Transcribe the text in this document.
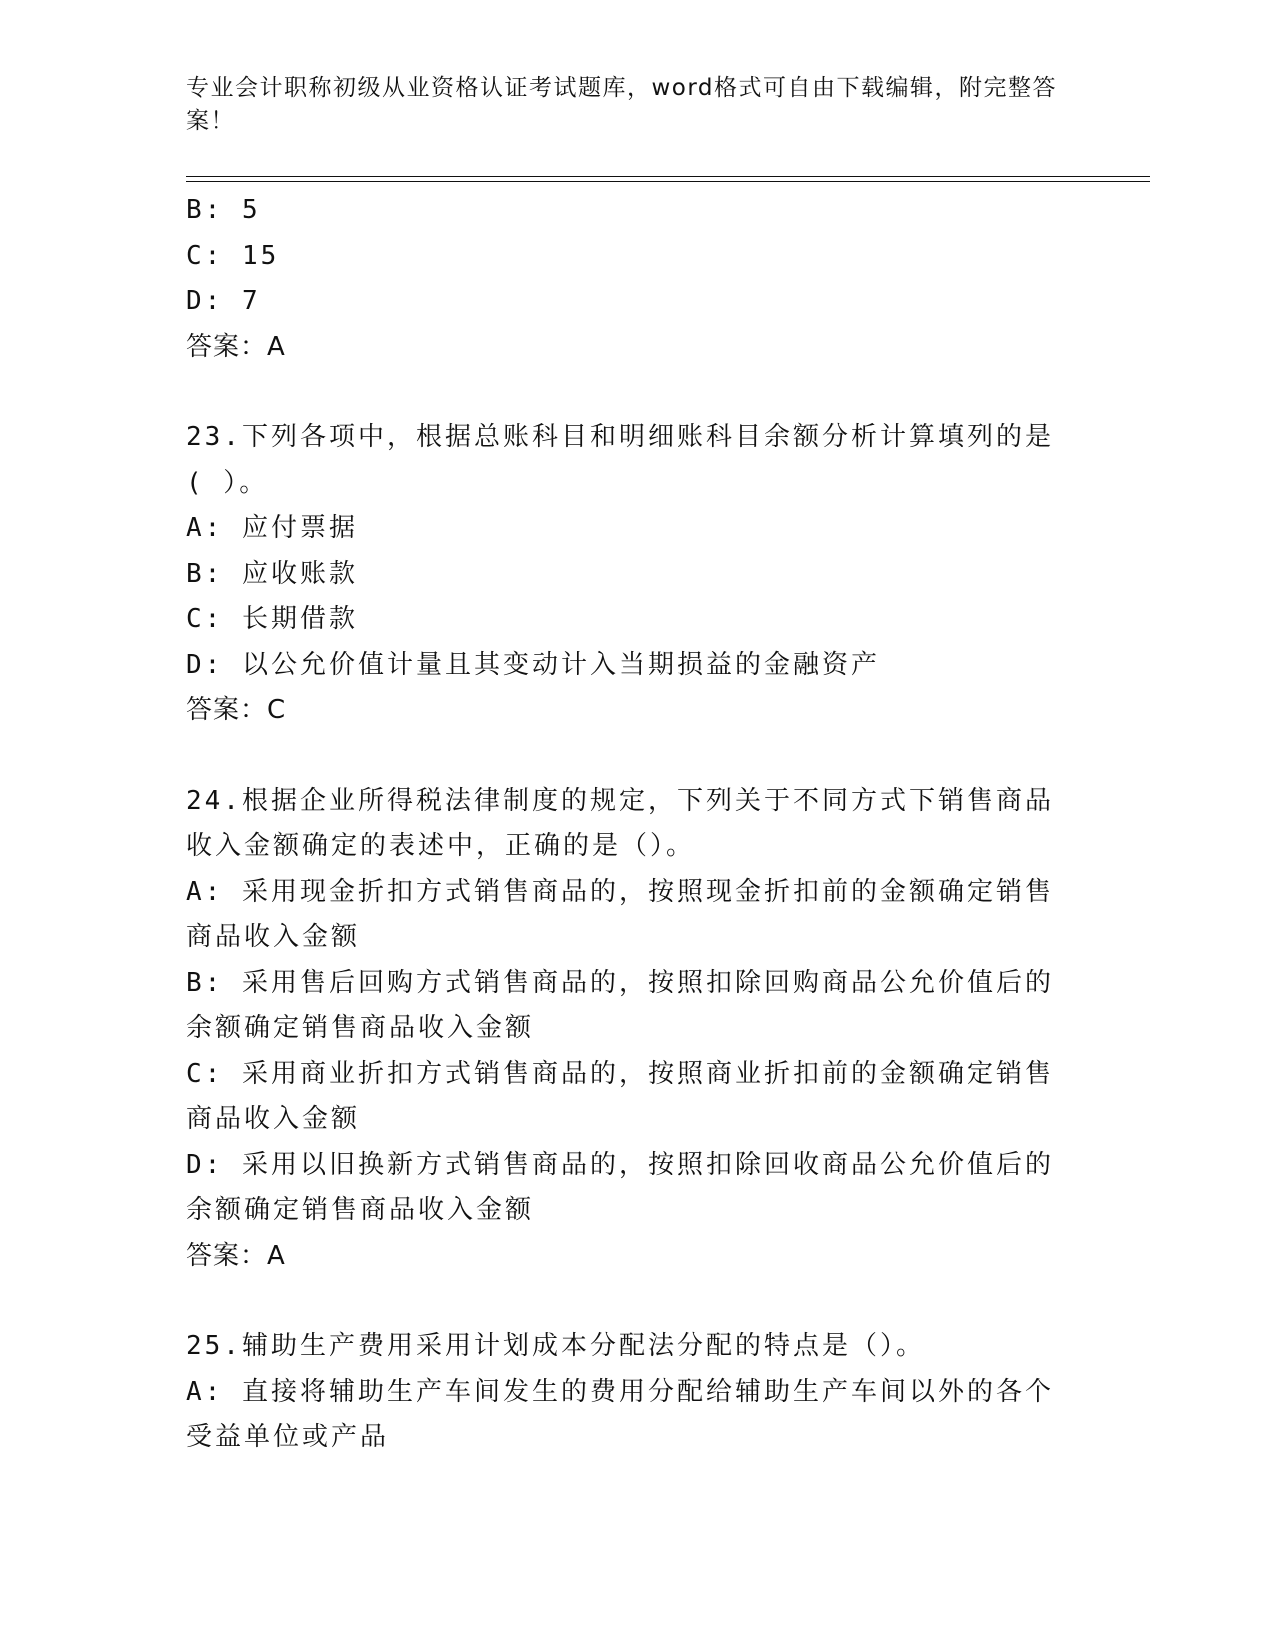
专业会计职称初级从业资格认证考试题库，word格式可自由下载编辑，附完整答案！
B: 5
C: 15
D: 7
答案：A
23.下列各项中，根据总账科目和明细账科目余额分析计算填列的是( ）。
A: 应付票据
B: 应收账款
C: 长期借款
D: 以公允价值计量且其变动计入当期损益的金融资产
答案：C
24.根据企业所得税法律制度的规定，下列关于不同方式下销售商品收入金额确定的表述中，正确的是（）。
A: 采用现金折扣方式销售商品的，按照现金折扣前的金额确定销售商品收入金额
B: 采用售后回购方式销售商品的，按照扣除回购商品公允价值后的余额确定销售商品收入金额
C: 采用商业折扣方式销售商品的，按照商业折扣前的金额确定销售商品收入金额
D: 采用以旧换新方式销售商品的，按照扣除回收商品公允价值后的余额确定销售商品收入金额
答案：A
25.辅助生产费用采用计划成本分配法分配的特点是（）。
A: 直接将辅助生产车间发生的费用分配给辅助生产车间以外的各个受益单位或产品
